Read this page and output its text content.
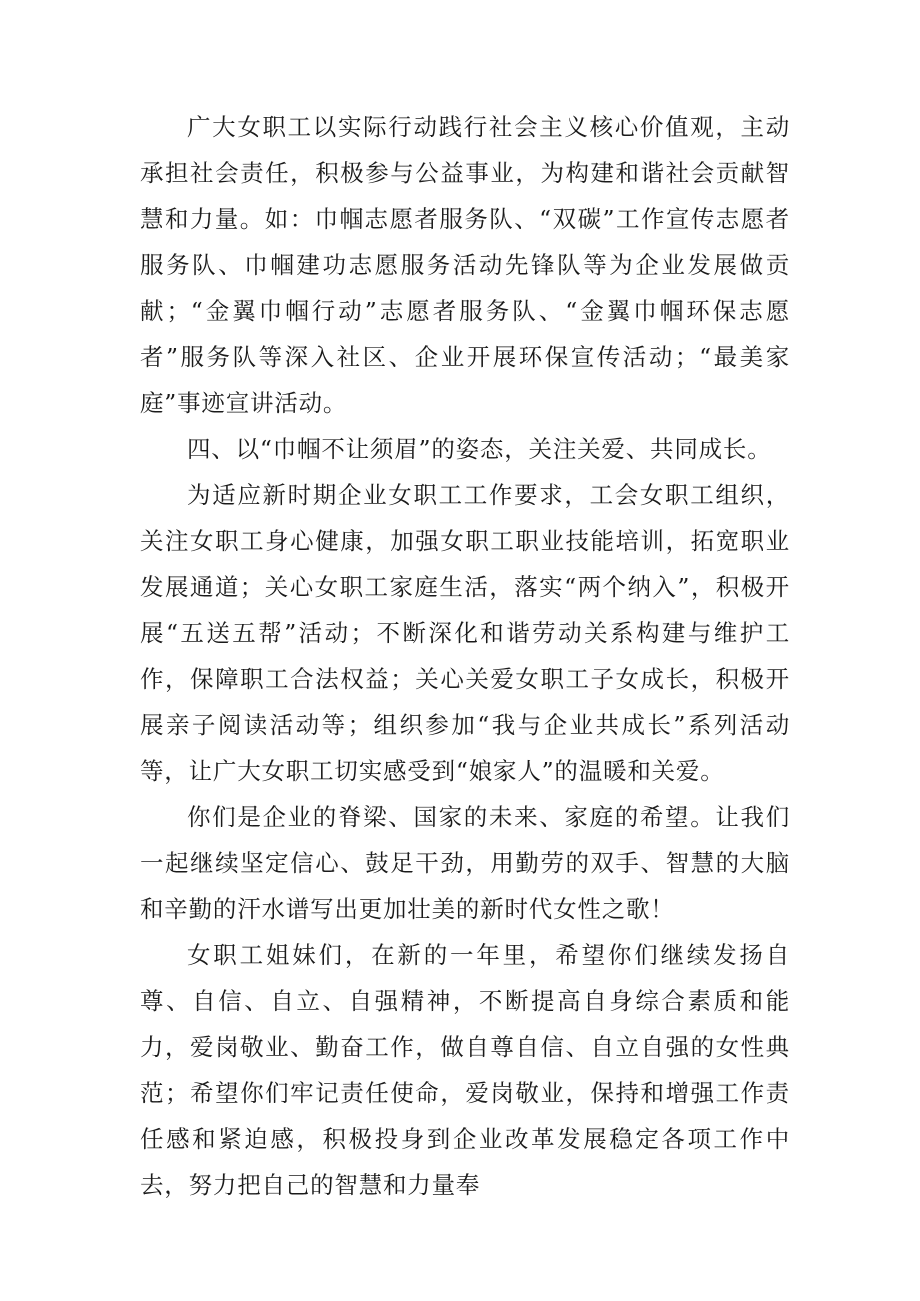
广大女职工以实际行动践行社会主义核心价值观，主动承担社会责任，积极参与公益事业，为构建和谐社会贡献智慧和力量。如：巾帼志愿者服务队、“双碳”工作宣传志愿者服务队、巾帼建功志愿服务活动先锋队等为企业发展做贡献；“金翼巾帼行动”志愿者服务队、“金翼巾帼环保志愿者”服务队等深入社区、企业开展环保宣传活动；“最美家庭”事迹宣讲活动。

四、以“巾帼不让须眉”的姿态，关注关爱、共同成长。

为适应新时期企业女职工工作要求，工会女职工组织，关注女职工身心健康，加强女职工职业技能培训，拓宽职业发展通道；关心女职工家庭生活，落实“两个纳入”，积极开展“五送五帮”活动；不断深化和谐劳动关系构建与维护工作，保障职工合法权益；关心关爱女职工子女成长，积极开展亲子阅读活动等；组织参加“我与企业共成长”系列活动等，让广大女职工切实感受到“娘家人”的温暖和关爱。

你们是企业的脊梁、国家的未来、家庭的希望。让我们一起继续坚定信心、鼓足干劲，用勤劳的双手、智慧的大脑和辛勤的汗水谱写出更加壮美的新时代女性之歌！

女职工姐妹们，在新的一年里，希望你们继续发扬自尊、自信、自立、自强精神，不断提高自身综合素质和能力，爱岗敬业、勤奋工作，做自尊自信、自立自强的女性典范；希望你们牢记责任使命，爱岗敬业，保持和增强工作责任感和紧迫感，积极投身到企业改革发展稳定各项工作中去，努力把自己的智慧和力量奉
